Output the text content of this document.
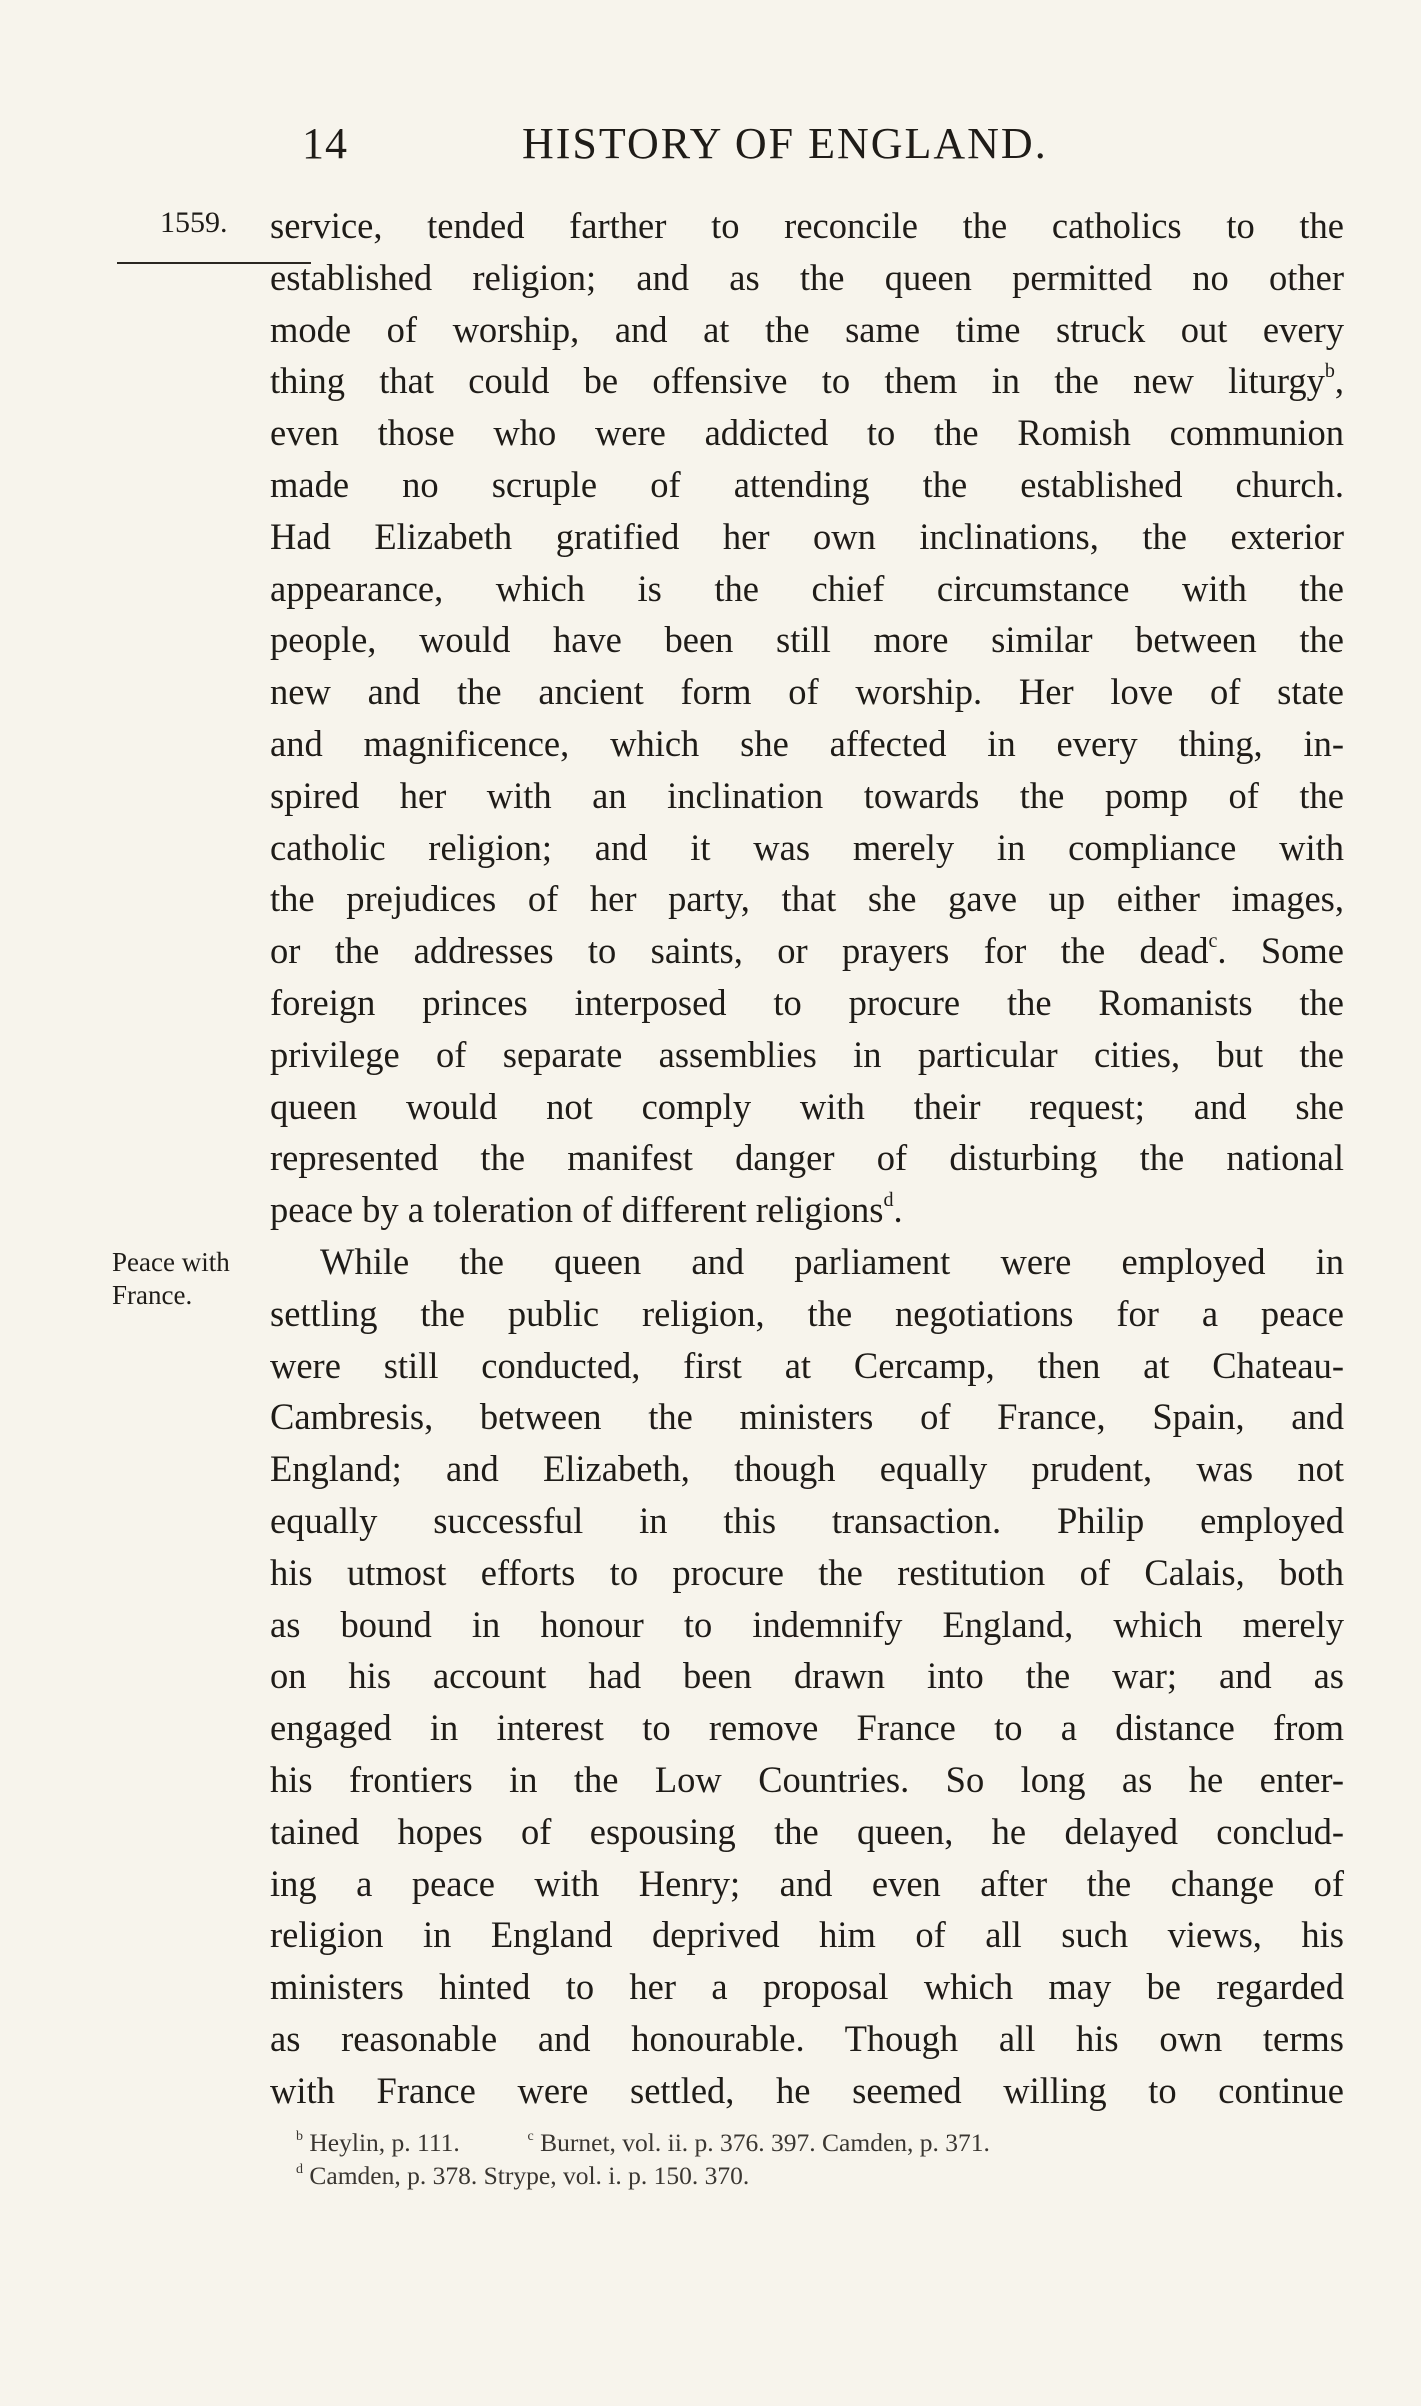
14	HISTORY OF ENGLAND.
1559.
Peace with
France.
service, tended farther to reconcile the catholics to the
established religion; and as the queen permitted no other
mode of worship, and at the same time struck out every
thing that could be offensive to them in the new liturgy$^b$,
even those who were addicted to the Romish communion
made no scruple of attending the established church.
Had Elizabeth gratified her own inclinations, the exterior
appearance, which is the chief circumstance with the
people, would have been still more similar between the
new and the ancient form of worship. Her love of state
and magnificence, which she affected in every thing, in-
spired her with an inclination towards the pomp of the
catholic religion; and it was merely in compliance with
the prejudices of her party, that she gave up either images,
or the addresses to saints, or prayers for the dead$^c$. Some
foreign princes interposed to procure the Romanists the
privilege of separate assemblies in particular cities, but the
queen would not comply with their request; and she
represented the manifest danger of disturbing the national
peace by a toleration of different religions$^d$.
While the queen and parliament were employed in
settling the public religion, the negotiations for a peace
were still conducted, first at Cercamp, then at Chateau-
Cambresis, between the ministers of France, Spain, and
England; and Elizabeth, though equally prudent, was not
equally successful in this transaction. Philip employed
his utmost efforts to procure the restitution of Calais, both
as bound in honour to indemnify England, which merely
on his account had been drawn into the war; and as
engaged in interest to remove France to a distance from
his frontiers in the Low Countries. So long as he enter-
tained hopes of espousing the queen, he delayed conclud-
ing a peace with Henry; and even after the change of
religion in England deprived him of all such views, his
ministers hinted to her a proposal which may be regarded
as reasonable and honourable. Though all his own terms
with France were settled, he seemed willing to continue
$^b$ Heylin, p. 111.	$^c$ Burnet, vol. ii. p. 376. 397. Camden, p. 371.
$^d$ Camden, p. 378. Strype, vol. i. p. 150. 370.
